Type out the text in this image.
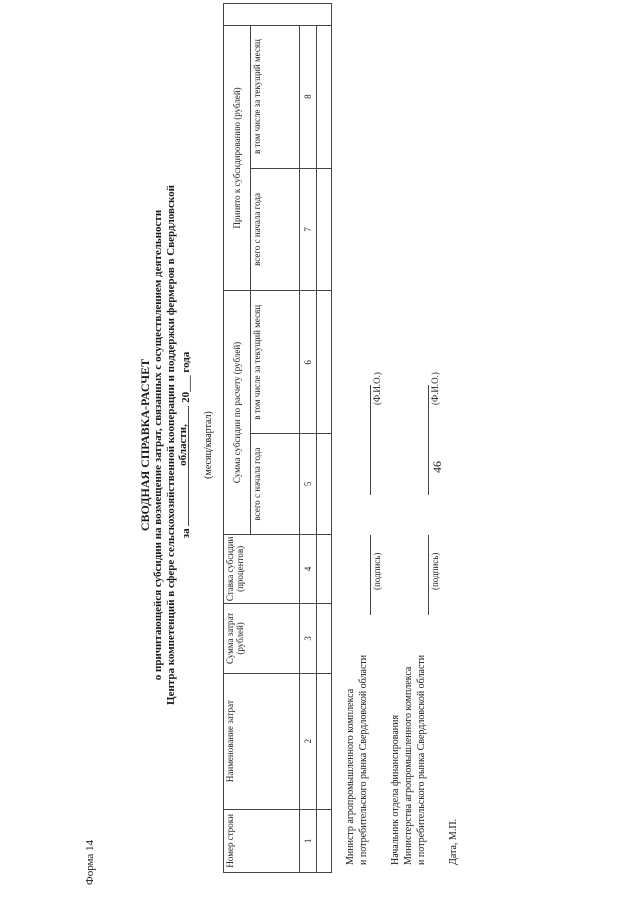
46
Форма 14
СВОДНАЯ СПРАВКА-РАСЧЕТ о причитающейся субсидии на возмещение затрат, связанных с осуществлением деятельности Центра компетенций в сфере сельскохозяйственной кооперации и поддержки фермеров в Свердловской области,
за  20___ года
(месяц/квартал)
Номер строки	Наименование затрат	Сумма затрат (рублей)	Ставка субсидии (процентов)	Сумма субсидии по расчету (рублей)		Принято к субсидированию (рублей)		
				всего с начала года	в том числе за текущий месяц	всего с начала года	в том числе за текущий месяц	
1	2	3	4	5	6	7	8	

Министр агропромышленного комплекса и потребительского рынка Свердловской области
(подпись)
(Ф.И.О.)
Начальник отдела финансирования Министерства агропромышленного комплекса и потребительского рынка Свердловской области
(подпись)
(Ф.И.О.)
Дата, М.П.
